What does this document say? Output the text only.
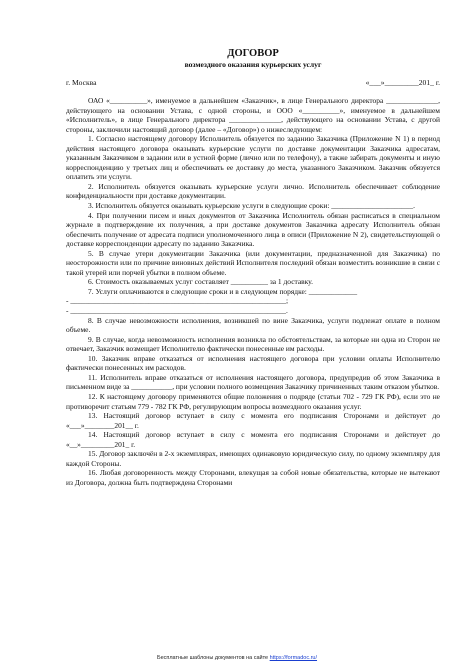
ДОГОВОР
возмездного оказания курьерских услуг
г. Москва	«___»_________201_ г.

ОАО «__________», именуемое в дальнейшем «Заказчик», в лице Генерального директора ______________, действующего на основании Устава, с одной стороны, и ООО «__________», именуемое в дальнейшем «Исполнитель», в лице Генерального директора ______________, действующего на основании Устава, с другой стороны, заключили настоящий договор (далее – «Договор») о нижеследующем:

1. Согласно настоящему договору Исполнитель обязуется по заданию Заказчика (Приложение N 1) в период действия настоящего договора оказывать курьерские услуги по доставке документации Заказчика адресатам, указанным Заказчиком в задании или в устной форме (лично или по телефону), а также забирать документы и иную корреспонденцию у третьих лиц и обеспечивать ее доставку до места, указанного Заказчиком. Заказчик обязуется оплатить эти услуги.

2. Исполнитель обязуется оказывать курьерские услуги лично. Исполнитель обеспечивает соблюдение конфиденциальности при доставке документации.

3. Исполнитель обязуется оказывать курьерские услуги в следующие сроки: ______________________.

4. При получении писем и иных документов от Заказчика Исполнитель обязан расписаться в специальном журнале в подтверждение их получения, а при доставке документов Заказчика адресату Исполнитель обязан обеспечить получение от адресата подписи уполномоченного лица в описи (Приложение N 2), свидетельствующей о доставке корреспонденции адресату по заданию Заказчика.

5. В случае утери документации Заказчика (или документации, предназначенной для Заказчика) по неосторожности или по причине виновных действий Исполнителя последний обязан возместить возникшие в связи с такой утерей или порчей убытки в полном объеме.

6. Стоимость оказываемых услуг составляет __________ за 1 доставку.

7. Услуги оплачиваются в следующие сроки и в следующем порядке: _____________

- __________________________________________________________;

- __________________________________________________________.

8. В случае невозможности исполнения, возникшей по вине Заказчика, услуги подлежат оплате в полном объеме.

9. В случае, когда невозможность исполнения возникла по обстоятельствам, за которые ни одна из Сторон не отвечает, Заказчик возмещает Исполнителю фактически понесенные им расходы.

10. Заказчик вправе отказаться от исполнения настоящего договора при условии оплаты Исполнителю фактически понесенных им расходов.

11. Исполнитель вправе отказаться от исполнения настоящего договора, предупредив об этом Заказчика в письменном виде за ___________, при условии полного возмещения Заказчику причиненных таким отказом убытков.

12. К настоящему договору применяются общие положения о подряде (статьи 702 - 729 ГК РФ), если это не противоречит статьям 779 - 782 ГК РФ, регулирующим вопросы возмездного оказания услуг.

13. Настоящий договор вступает в силу с момента его подписания Сторонами и действует до «___»________201__ г.

14. Настоящий договор вступает в силу с момента его подписания Сторонами и действует до «__»_________201_ г.

15. Договор заключён в 2-х экземплярах, имеющих одинаковую юридическую силу, по одному экземпляру для каждой Стороны.

16. Любая договоренность между Сторонами, влекущая за собой новые обязательства, которые не вытекают из Договора, должна быть подтверждена Сторонами

Бесплатные шаблоны документов на сайте https://formadoc.ru/
